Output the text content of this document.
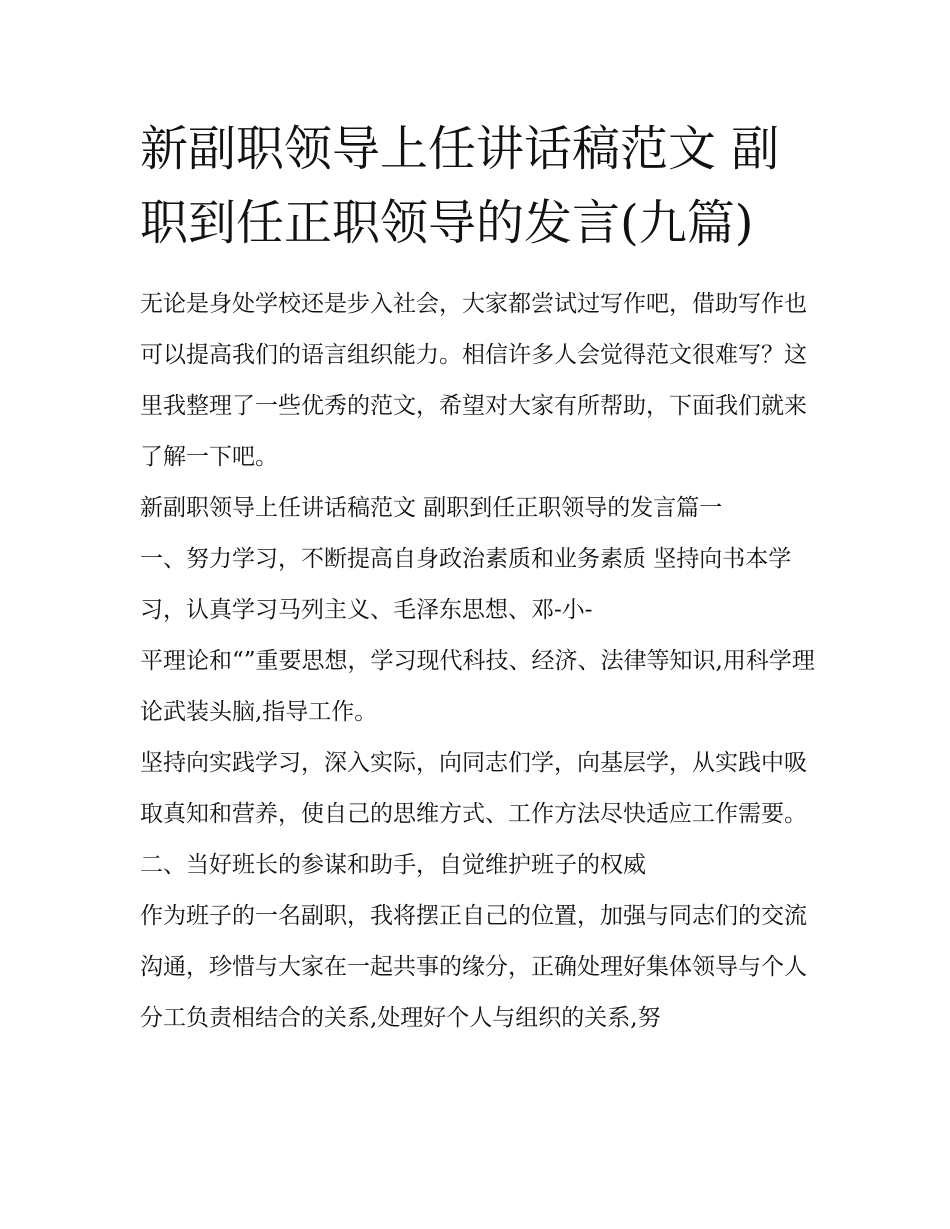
新副职领导上任讲话稿范文 副
职到任正职领导的发言(九篇)

无论是身处学校还是步入社会，大家都尝试过写作吧，借助写作也可以提高我们的语言组织能力。相信许多人会觉得范文很难写？这里我整理了一些优秀的范文，希望对大家有所帮助，下面我们就来了解一下吧。

新副职领导上任讲话稿范文 副职到任正职领导的发言篇一

一、努力学习，不断提高自身政治素质和业务素质 坚持向书本学习，认真学习马列主义、毛泽东思想、邓-小-

平理论和“”重要思想，学习现代科技、经济、法律等知识,用科学理论武装头脑,指导工作。

坚持向实践学习，深入实际，向同志们学，向基层学，从实践中吸取真知和营养，使自己的思维方式、工作方法尽快适应工作需要。

二、当好班长的参谋和助手，自觉维护班子的权威

作为班子的一名副职，我将摆正自己的位置，加强与同志们的交流沟通，珍惜与大家在一起共事的缘分，正确处理好集体领导与个人分工负责相结合的关系,处理好个人与组织的关系,努
